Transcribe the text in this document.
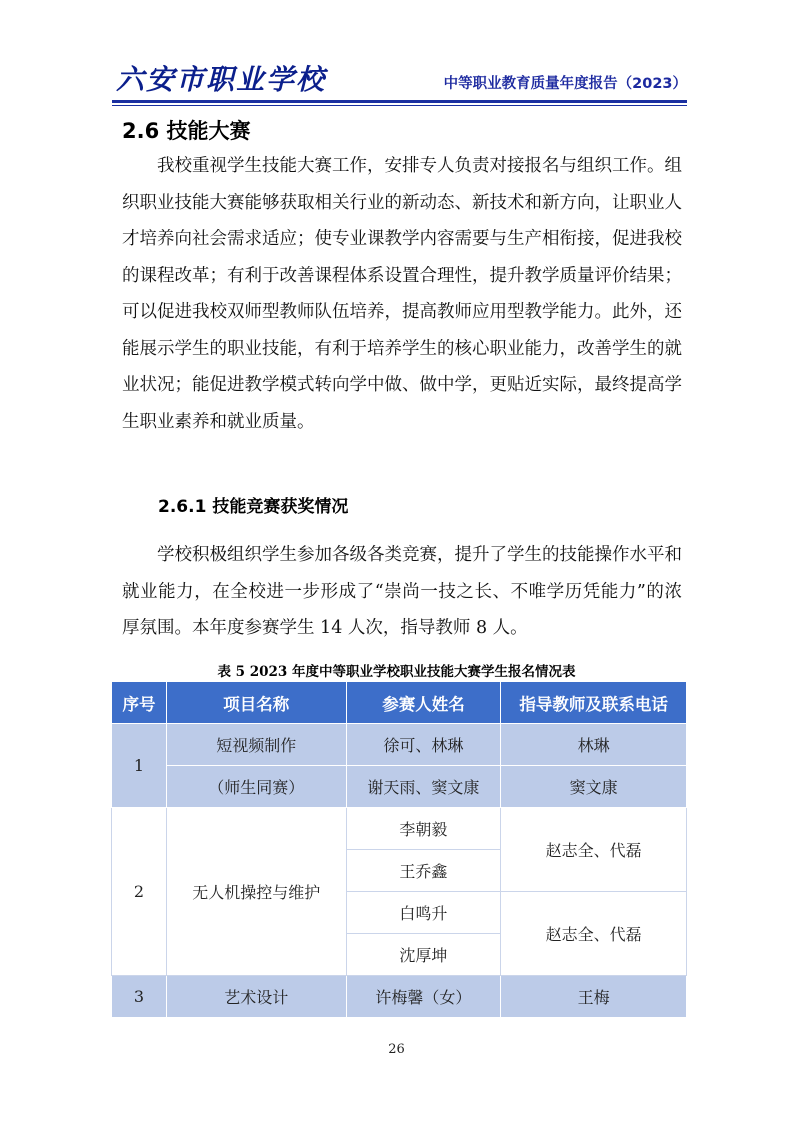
六安市职业学校	中等职业教育质量年度报告（2023）
2.6 技能大赛

我校重视学生技能大赛工作，安排专人负责对接报名与组织工作。组织职业技能大赛能够获取相关行业的新动态、新技术和新方向，让职业人才培养向社会需求适应；使专业课教学内容需要与生产相衔接，促进我校的课程改革；有利于改善课程体系设置合理性，提升教学质量评价结果；可以促进我校双师型教师队伍培养，提高教师应用型教学能力。此外，还能展示学生的职业技能，有利于培养学生的核心职业能力，改善学生的就业状况；能促进教学模式转向学中做、做中学，更贴近实际，最终提高学生职业素养和就业质量。

2.6.1 技能竞赛获奖情况

学校积极组织学生参加各级各类竞赛，提升了学生的技能操作水平和就业能力，在全校进一步形成了“崇尚一技之长、不唯学历凭能力”的浓厚氛围。本年度参赛学生 14 人次，指导教师 8 人。

表 5 2023 年度中等职业学校职业技能大赛学生报名情况表
序号	项目名称	参赛人姓名	指导教师及联系电话
1	短视频制作	徐可、林琳	林琳
	（师生同赛）	谢天雨、窦文康	窦文康
2	无人机操控与维护	李朝毅	赵志全、代磊
		王乔鑫	
		白鸣升	赵志全、代磊
		沈厚坤	
3	艺术设计	许梅馨（女）	王梅
26
